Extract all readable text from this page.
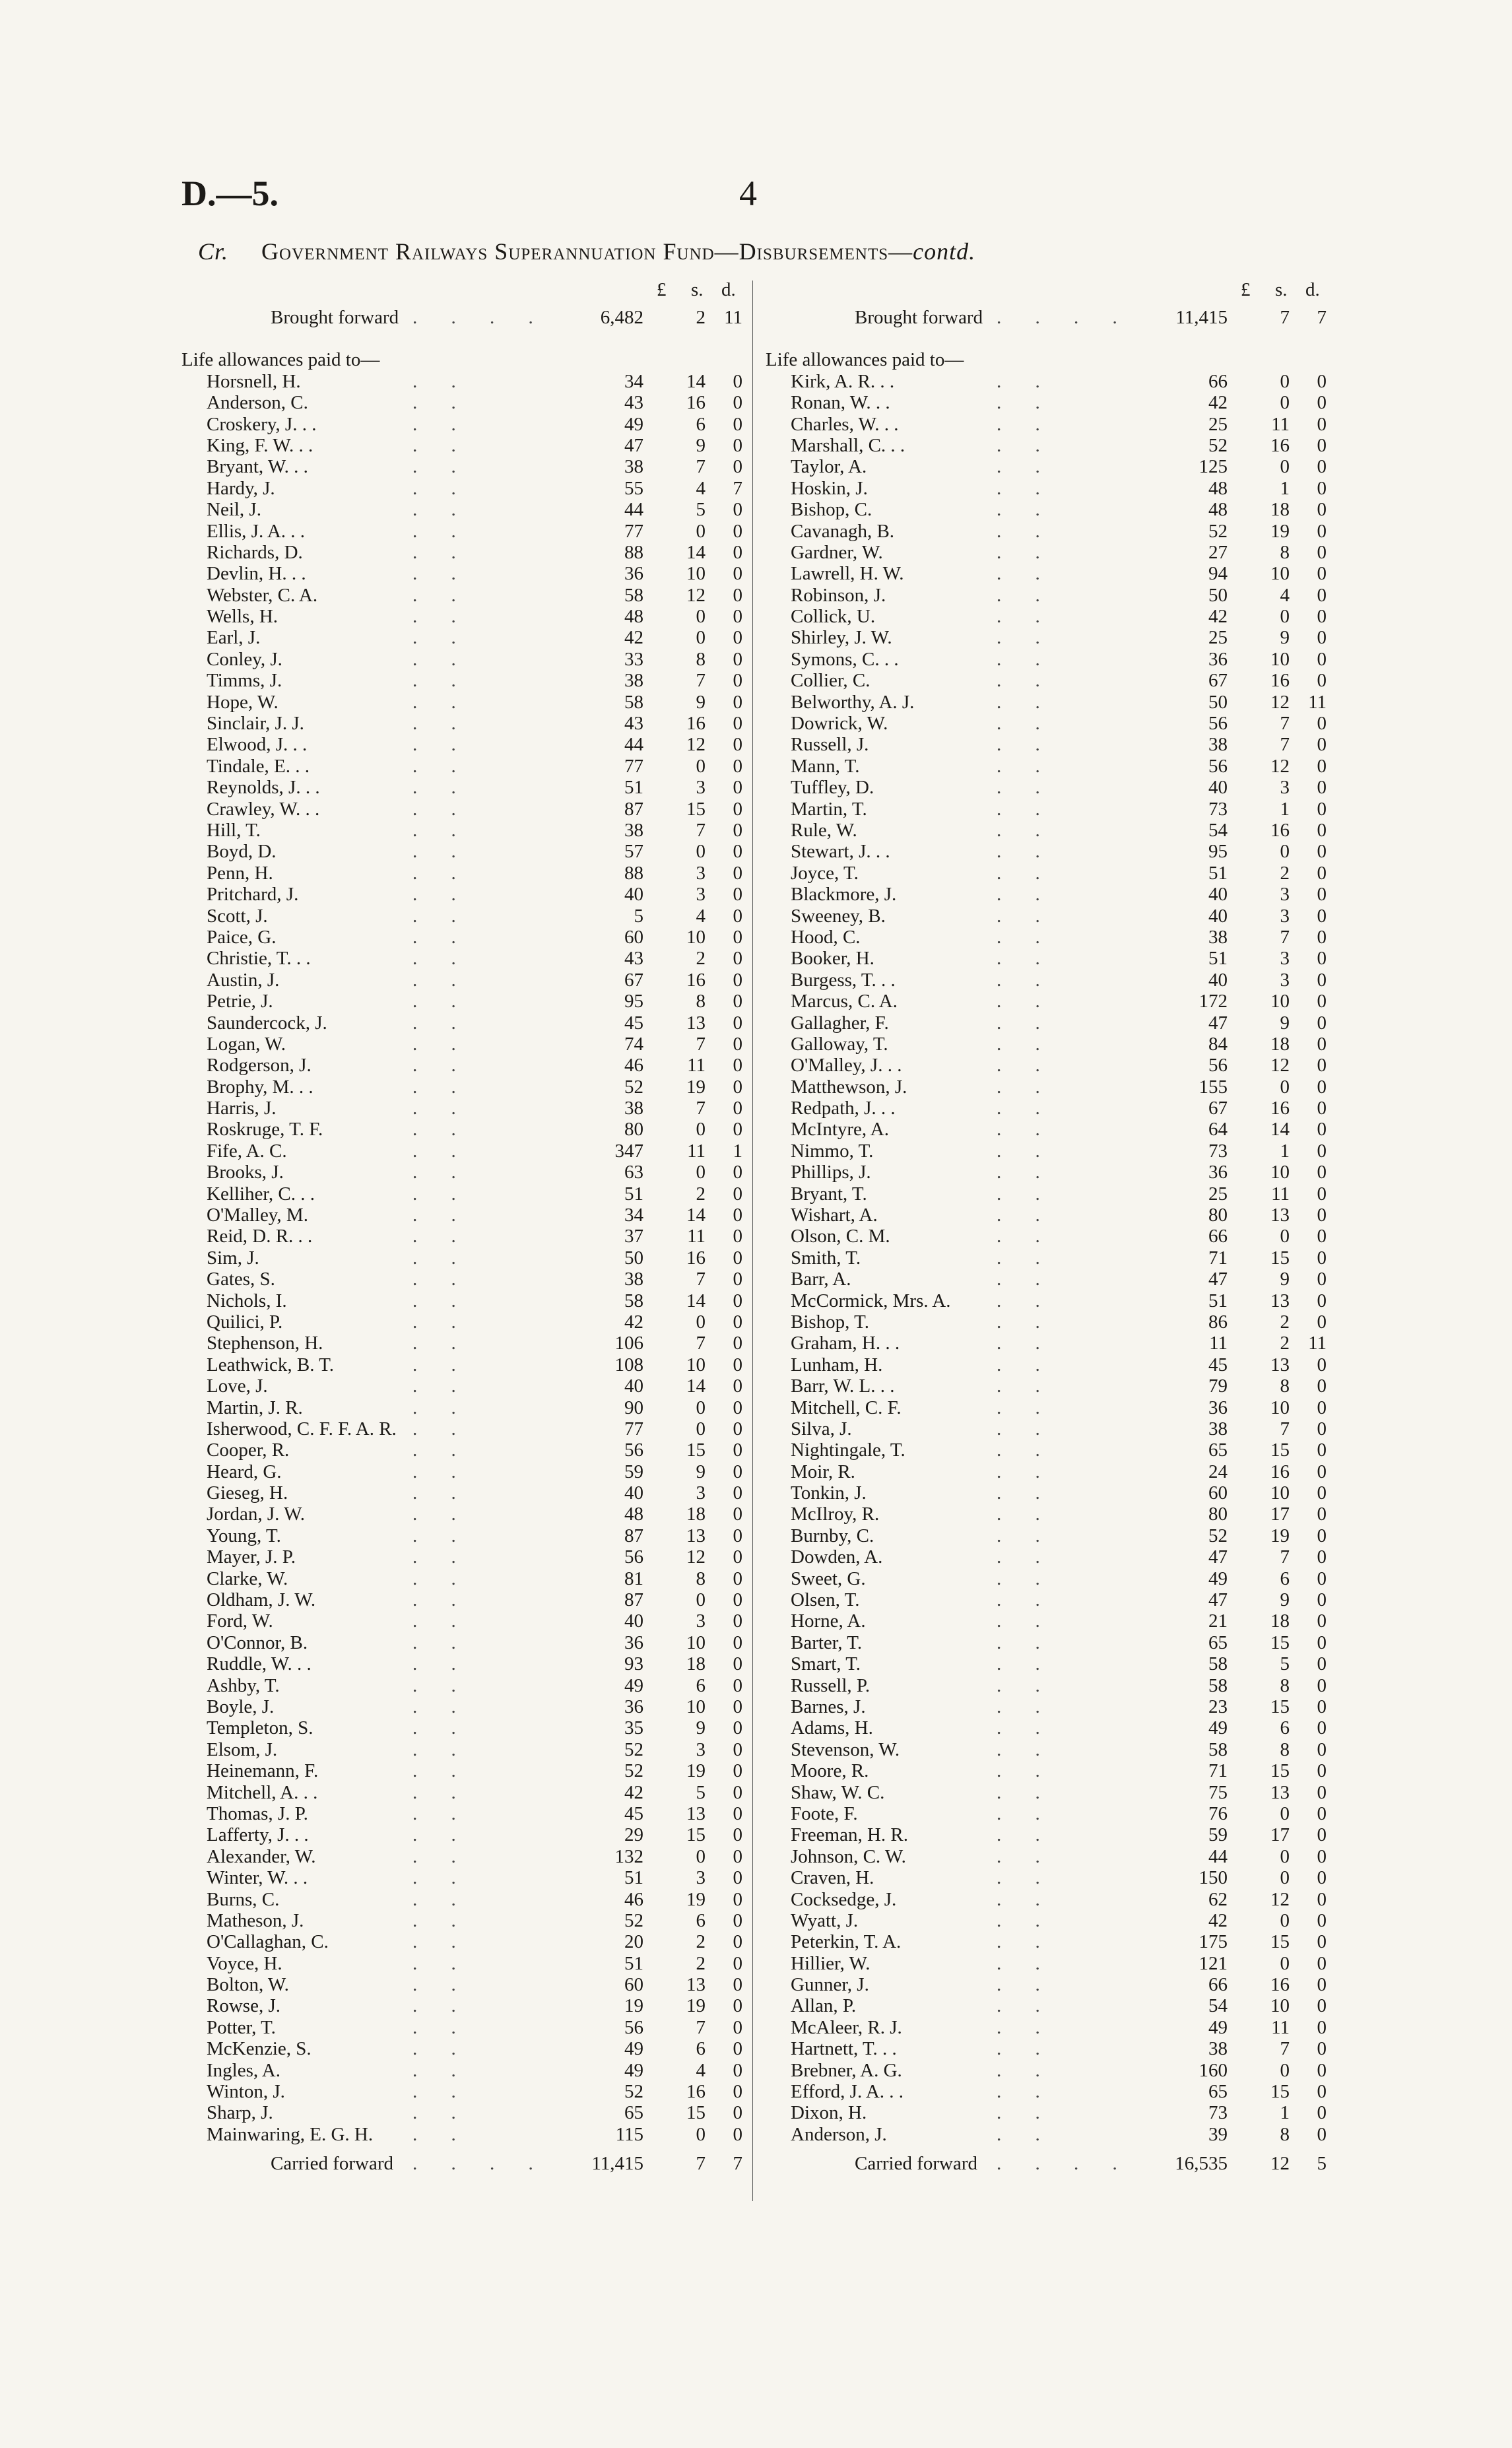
D.—5.	4
Cr. Government Railways Superannuation Fund—Disbursements—contd.
£ s. d.
Brought forward . . . .	6,482	2 11
Life allowances paid to—
Horsnell, H.	. .	34	14	0
Anderson, C.	. .	43	16	0
Croskery, J. . .	. .	49	6	0
King, F. W. . .	. .	47	9	0
Bryant, W. . .	. .	38	7	0
Hardy, J.	. .	55	4	7
Neil, J.	. .	44	5	0
Ellis, J. A. . .	. .	77	0	0
Richards, D.	. .	88	14	0
Devlin, H. . .	. .	36	10	0
Webster, C. A.	. .	58	12	0
Wells, H.	. .	48	0	0
Earl, J.	. .	42	0	0
Conley, J.	. .	33	8	0
Timms, J.	. .	38	7	0
Hope, W.	. .	58	9	0
Sinclair, J. J.	. .	43	16	0
Elwood, J. . .	. .	44	12	0
Tindale, E. . .	. .	77	0	0
Reynolds, J. . .	. .	51	3	0
Crawley, W. . .	. .	87	15	0
Hill, T.	. .	38	7	0
Boyd, D.	. .	57	0	0
Penn, H.	. .	88	3	0
Pritchard, J.	. .	40	3	0
Scott, J.	. .	5	4	0
Paice, G.	. .	60	10	0
Christie, T. . .	. .	43	2	0
Austin, J.	. .	67	16	0
Petrie, J.	. .	95	8	0
Saundercock, J.	. .	45	13	0
Logan, W.	. .	74	7	0
Rodgerson, J.	. .	46	11	0
Brophy, M. . .	. .	52	19	0
Harris, J.	. .	38	7	0
Roskruge, T. F.	. .	80	0	0
Fife, A. C.	. .	347	11	1
Brooks, J.	. .	63	0	0
Kelliher, C. . .	. .	51	2	0
O'Malley, M.	. .	34	14	0
Reid, D. R. . .	. .	37	11	0
Sim, J.	. .	50	16	0
Gates, S.	. .	38	7	0
Nichols, I.	. .	58	14	0
Quilici, P.	. .	42	0	0
Stephenson, H.	. .	106	7	0
Leathwick, B. T.	. .	108	10	0
Love, J.	. .	40	14	0
Martin, J. R.	. .	90	0	0
Isherwood, C. F. F. A. R. . .	77	0	0
Cooper, R.	. .	56	15	0
Heard, G.	. .	59	9	0
Gieseg, H.	. .	40	3	0
Jordan, J. W.	. .	48	18	0
Young, T.	. .	87	13	0
Mayer, J. P.	. .	56	12	0
Clarke, W.	. .	81	8	0
Oldham, J. W.	. .	87	0	0
Ford, W.	. .	40	3	0
O'Connor, B.	. .	36	10	0
Ruddle, W. . .	. .	93	18	0
Ashby, T.	. .	49	6	0
Boyle, J.	. .	36	10	0
Templeton, S.	. .	35	9	0
Elsom, J.	. .	52	3	0
Heinemann, F.	. .	52	19	0
Mitchell, A. . .	. .	42	5	0
Thomas, J. P.	. .	45	13	0
Lafferty, J. . .	. .	29	15	0
Alexander, W.	. .	132	0	0
Winter, W. . .	. .	51	3	0
Burns, C.	. .	46	19	0
Matheson, J.	. .	52	6	0
O'Callaghan, C.	. .	20	2	0
Voyce, H.	. .	51	2	0
Bolton, W.	. .	60	13	0
Rowse, J.	. .	19	19	0
Potter, T.	. .	56	7	0
McKenzie, S.	. .	49	6	0
Ingles, A.	. .	49	4	0
Winton, J.	. .	52	16	0
Sharp, J.	. .	65	15	0
Mainwaring, E. G. H. . .	115	0	0
Carried forward . . . .	11,415	7	7
£ s. d.
Brought forward . . . .	11,415	7	7
Life allowances paid to—
Kirk, A. R. . .	. .	66	0	0
Ronan, W. . .	. .	42	0	0
Charles, W. . .	. .	25	11	0
Marshall, C. . .	. .	52	16	0
Taylor, A.	. .	125	0	0
Hoskin, J.	. .	48	1	0
Bishop, C.	. .	48	18	0
Cavanagh, B.	. .	52	19	0
Gardner, W.	. .	27	8	0
Lawrell, H. W.	. .	94	10	0
Robinson, J.	. .	50	4	0
Collick, U.	. .	42	0	0
Shirley, J. W.	. .	25	9	0
Symons, C. . .	. .	36	10	0
Collier, C.	. .	67	16	0
Belworthy, A. J.	. .	50	12 11
Dowrick, W.	. .	56	7	0
Russell, J.	. .	38	7	0
Mann, T.	. .	56	12	0
Tuffley, D.	. .	40	3	0
Martin, T.	. .	73	1	0
Rule, W.	. .	54	16	0
Stewart, J. . .	. .	95	0	0
Joyce, T.	. .	51	2	0
Blackmore, J.	. .	40	3	0
Sweeney, B.	. .	40	3	0
Hood, C.	. .	38	7	0
Booker, H.	. .	51	3	0
Burgess, T. . .	. .	40	3	0
Marcus, C. A.	. .	172	10	0
Gallagher, F.	. .	47	9	0
Galloway, T.	. .	84	18	0
O'Malley, J. . .	. .	56	12	0
Matthewson, J.	. .	155	0	0
Redpath, J. . .	. .	67	16	0
McIntyre, A.	. .	64	14	0
Nimmo, T.	. .	73	1	0
Phillips, J.	. .	36	10	0
Bryant, T.	. .	25	11	0
Wishart, A.	. .	80	13	0
Olson, C. M.	. .	66	0	0
Smith, T.	. .	71	15	0
Barr, A.	. .	47	9	0
McCormick, Mrs. A. . .	51	13	0
Bishop, T.	. .	86	2	0
Graham, H. . .	. .	11	2 11
Lunham, H.	. .	45	13	0
Barr, W. L. . .	. .	79	8	0
Mitchell, C. F.	. .	36	10	0
Silva, J.	. .	38	7	0
Nightingale, T.	. .	65	15	0
Moir, R.	. .	24	16	0
Tonkin, J.	. .	60	10	0
McIlroy, R.	. .	80	17	0
Burnby, C.	. .	52	19	0
Dowden, A.	. .	47	7	0
Sweet, G.	. .	49	6	0
Olsen, T.	. .	47	9	0
Horne, A.	. .	21	18	0
Barter, T.	. .	65	15	0
Smart, T.	. .	58	5	0
Russell, P.	. .	58	8	0
Barnes, J.	. .	23	15	0
Adams, H.	. .	49	6	0
Stevenson, W.	. .	58	8	0
Moore, R.	. .	71	15	0
Shaw, W. C.	. .	75	13	0
Foote, F.	. .	76	0	0
Freeman, H. R.	. .	59	17	0
Johnson, C. W.	. .	44	0	0
Craven, H.	. .	150	0	0
Cocksedge, J.	. .	62	12	0
Wyatt, J.	. .	42	0	0
Peterkin, T. A.	. .	175	15	0
Hillier, W.	. .	121	0	0
Gunner, J.	. .	66	16	0
Allan, P.	. .	54	10	0
McAleer, R. J.	. .	49	11	0
Hartnett, T. . .	. .	38	7	0
Brebner, A. G.	. .	160	0	0
Efford, J. A. . .	. .	65	15	0
Dixon, H.	. .	73	1	0
Anderson, J.	. .	39	8	0
Carried forward . . . .	16,535	12	5
